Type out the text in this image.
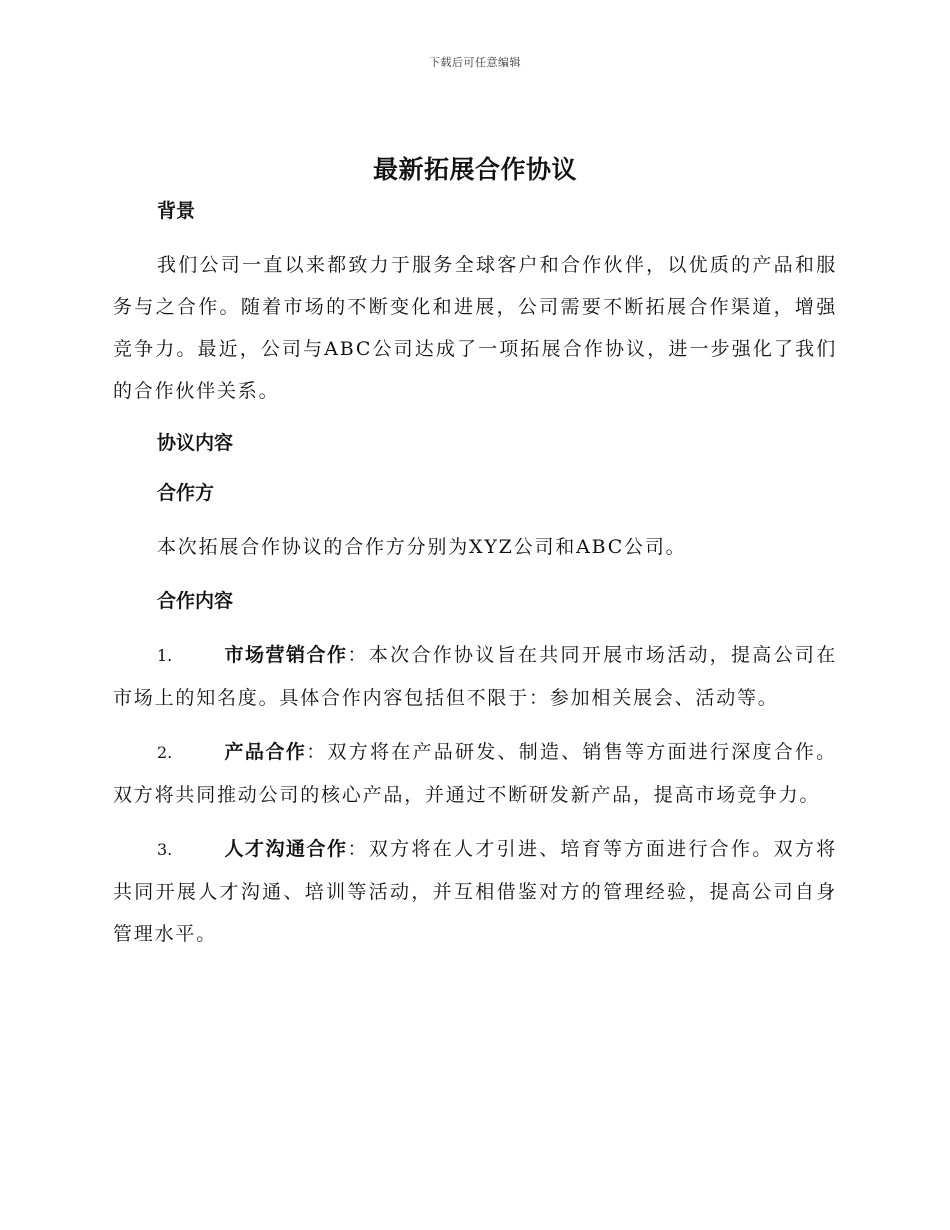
下载后可任意编辑
最新拓展合作协议

背景

我们公司一直以来都致力于服务全球客户和合作伙伴，以优质的产品和服务与之合作。随着市场的不断变化和进展，公司需要不断拓展合作渠道，增强竞争力。最近，公司与ABC公司达成了一项拓展合作协议，进一步强化了我们的合作伙伴关系。

协议内容

合作方

本次拓展合作协议的合作方分别为XYZ公司和ABC公司。

合作内容

1.	市场营销合作：本次合作协议旨在共同开展市场活动，提高公司在市场上的知名度。具体合作内容包括但不限于：参加相关展会、活动等。

2.	产品合作：双方将在产品研发、制造、销售等方面进行深度合作。双方将共同推动公司的核心产品，并通过不断研发新产品，提高市场竞争力。

3.	人才沟通合作：双方将在人才引进、培育等方面进行合作。双方将共同开展人才沟通、培训等活动，并互相借鉴对方的管理经验，提高公司自身管理水平。
